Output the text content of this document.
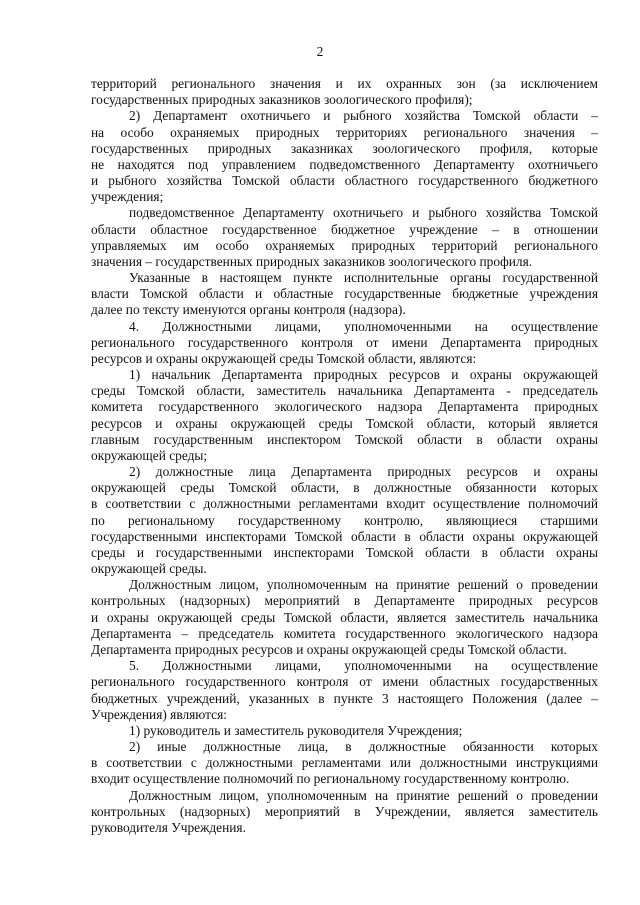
2
территорий регионального значения и их охранных зон (за исключением
государственных природных заказников зоологического профиля);
2) Департамент охотничьего и рыбного хозяйства Томской области –
на особо охраняемых природных территориях регионального значения –
государственных природных заказниках зоологического профиля, которые
не находятся под управлением подведомственного Департаменту охотничьего
и рыбного хозяйства Томской области областного государственного бюджетного
учреждения;
подведомственное Департаменту охотничьего и рыбного хозяйства Томской
области областное государственное бюджетное учреждение – в отношении
управляемых им особо охраняемых природных территорий регионального
значения – государственных природных заказников зоологического профиля.
Указанные в настоящем пункте исполнительные органы государственной
власти Томской области и областные государственные бюджетные учреждения
далее по тексту именуются органы контроля (надзора).
4. Должностными лицами, уполномоченными на осуществление
регионального государственного контроля от имени Департамента природных
ресурсов и охраны окружающей среды Томской области, являются:
1) начальник Департамента природных ресурсов и охраны окружающей
среды Томской области, заместитель начальника Департамента - председатель
комитета государственного экологического надзора Департамента природных
ресурсов и охраны окружающей среды Томской области, который является
главным государственным инспектором Томской области в области охраны
окружающей среды;
2) должностные лица Департамента природных ресурсов и охраны
окружающей среды Томской области, в должностные обязанности которых
в соответствии с должностными регламентами входит осуществление полномочий
по региональному государственному контролю, являющиеся старшими
государственными инспекторами Томской области в области охраны окружающей
среды и государственными инспекторами Томской области в области охраны
окружающей среды.
Должностным лицом, уполномоченным на принятие решений о проведении
контрольных (надзорных) мероприятий в Департаменте природных ресурсов
и охраны окружающей среды Томской области, является заместитель начальника
Департамента – председатель комитета государственного экологического надзора
Департамента природных ресурсов и охраны окружающей среды Томской области.
5. Должностными лицами, уполномоченными на осуществление
регионального государственного контроля от имени областных государственных
бюджетных учреждений, указанных в пункте 3 настоящего Положения (далее –
Учреждения) являются:
1) руководитель и заместитель руководителя Учреждения;
2) иные должностные лица, в должностные обязанности которых
в соответствии с должностными регламентами или должностными инструкциями
входит осуществление полномочий по региональному государственному контролю.
Должностным лицом, уполномоченным на принятие решений о проведении
контрольных (надзорных) мероприятий в Учреждении, является заместитель
руководителя Учреждения.
